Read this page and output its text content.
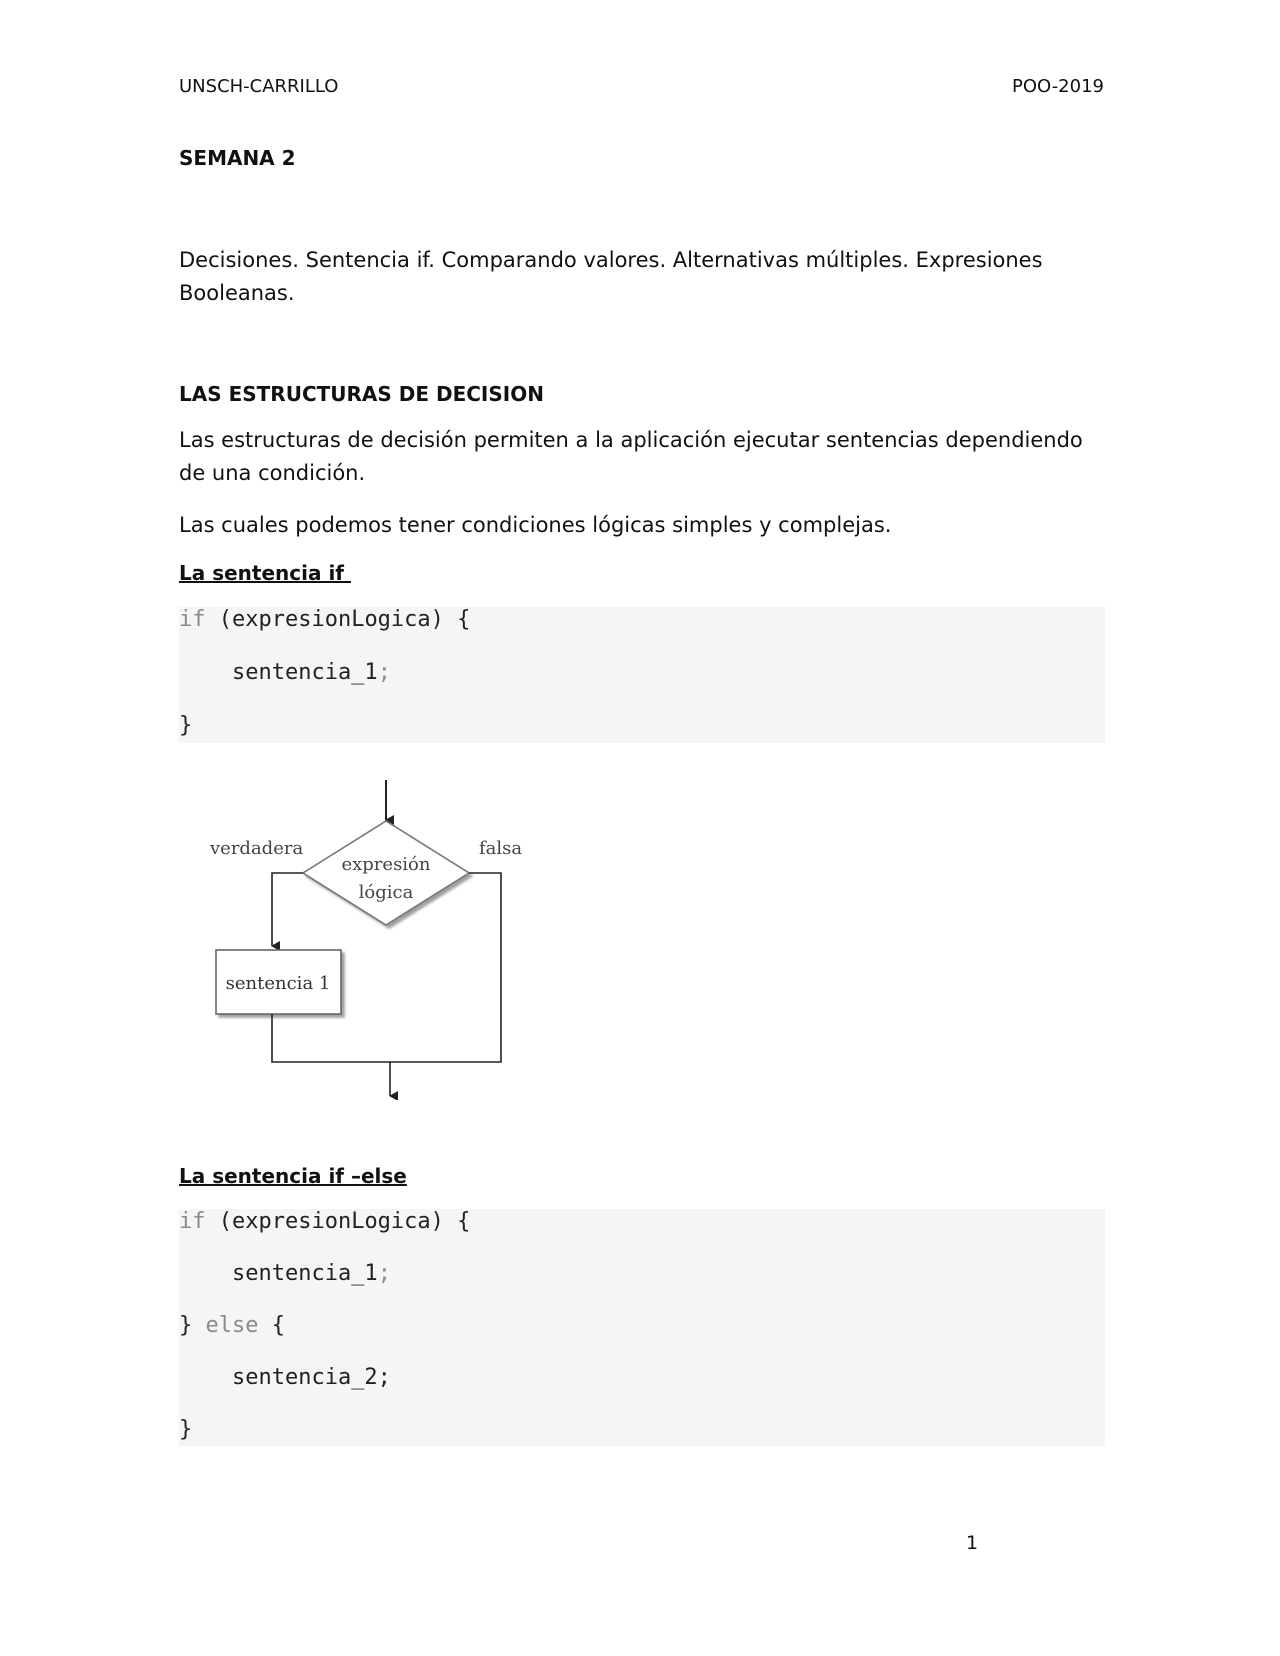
UNSCH-CARRILLO	POO-2019
SEMANA 2
Decisiones. Sentencia if. Comparando valores. Alternativas múltiples. Expresiones Booleanas.
LAS ESTRUCTURAS DE DECISION
Las estructuras de decisión permiten a la aplicación ejecutar sentencias dependiendo de una condición.
Las cuales podemos tener condiciones lógicas simples y complejas.
La sentencia if
if (expresionLogica) {
sentencia_1;
}
expresión
lógica
verdadera
sentencia 1
falsa
La sentencia if –else
if (expresionLogica) {
sentencia_1;
} else {
sentencia_2;
}
1
